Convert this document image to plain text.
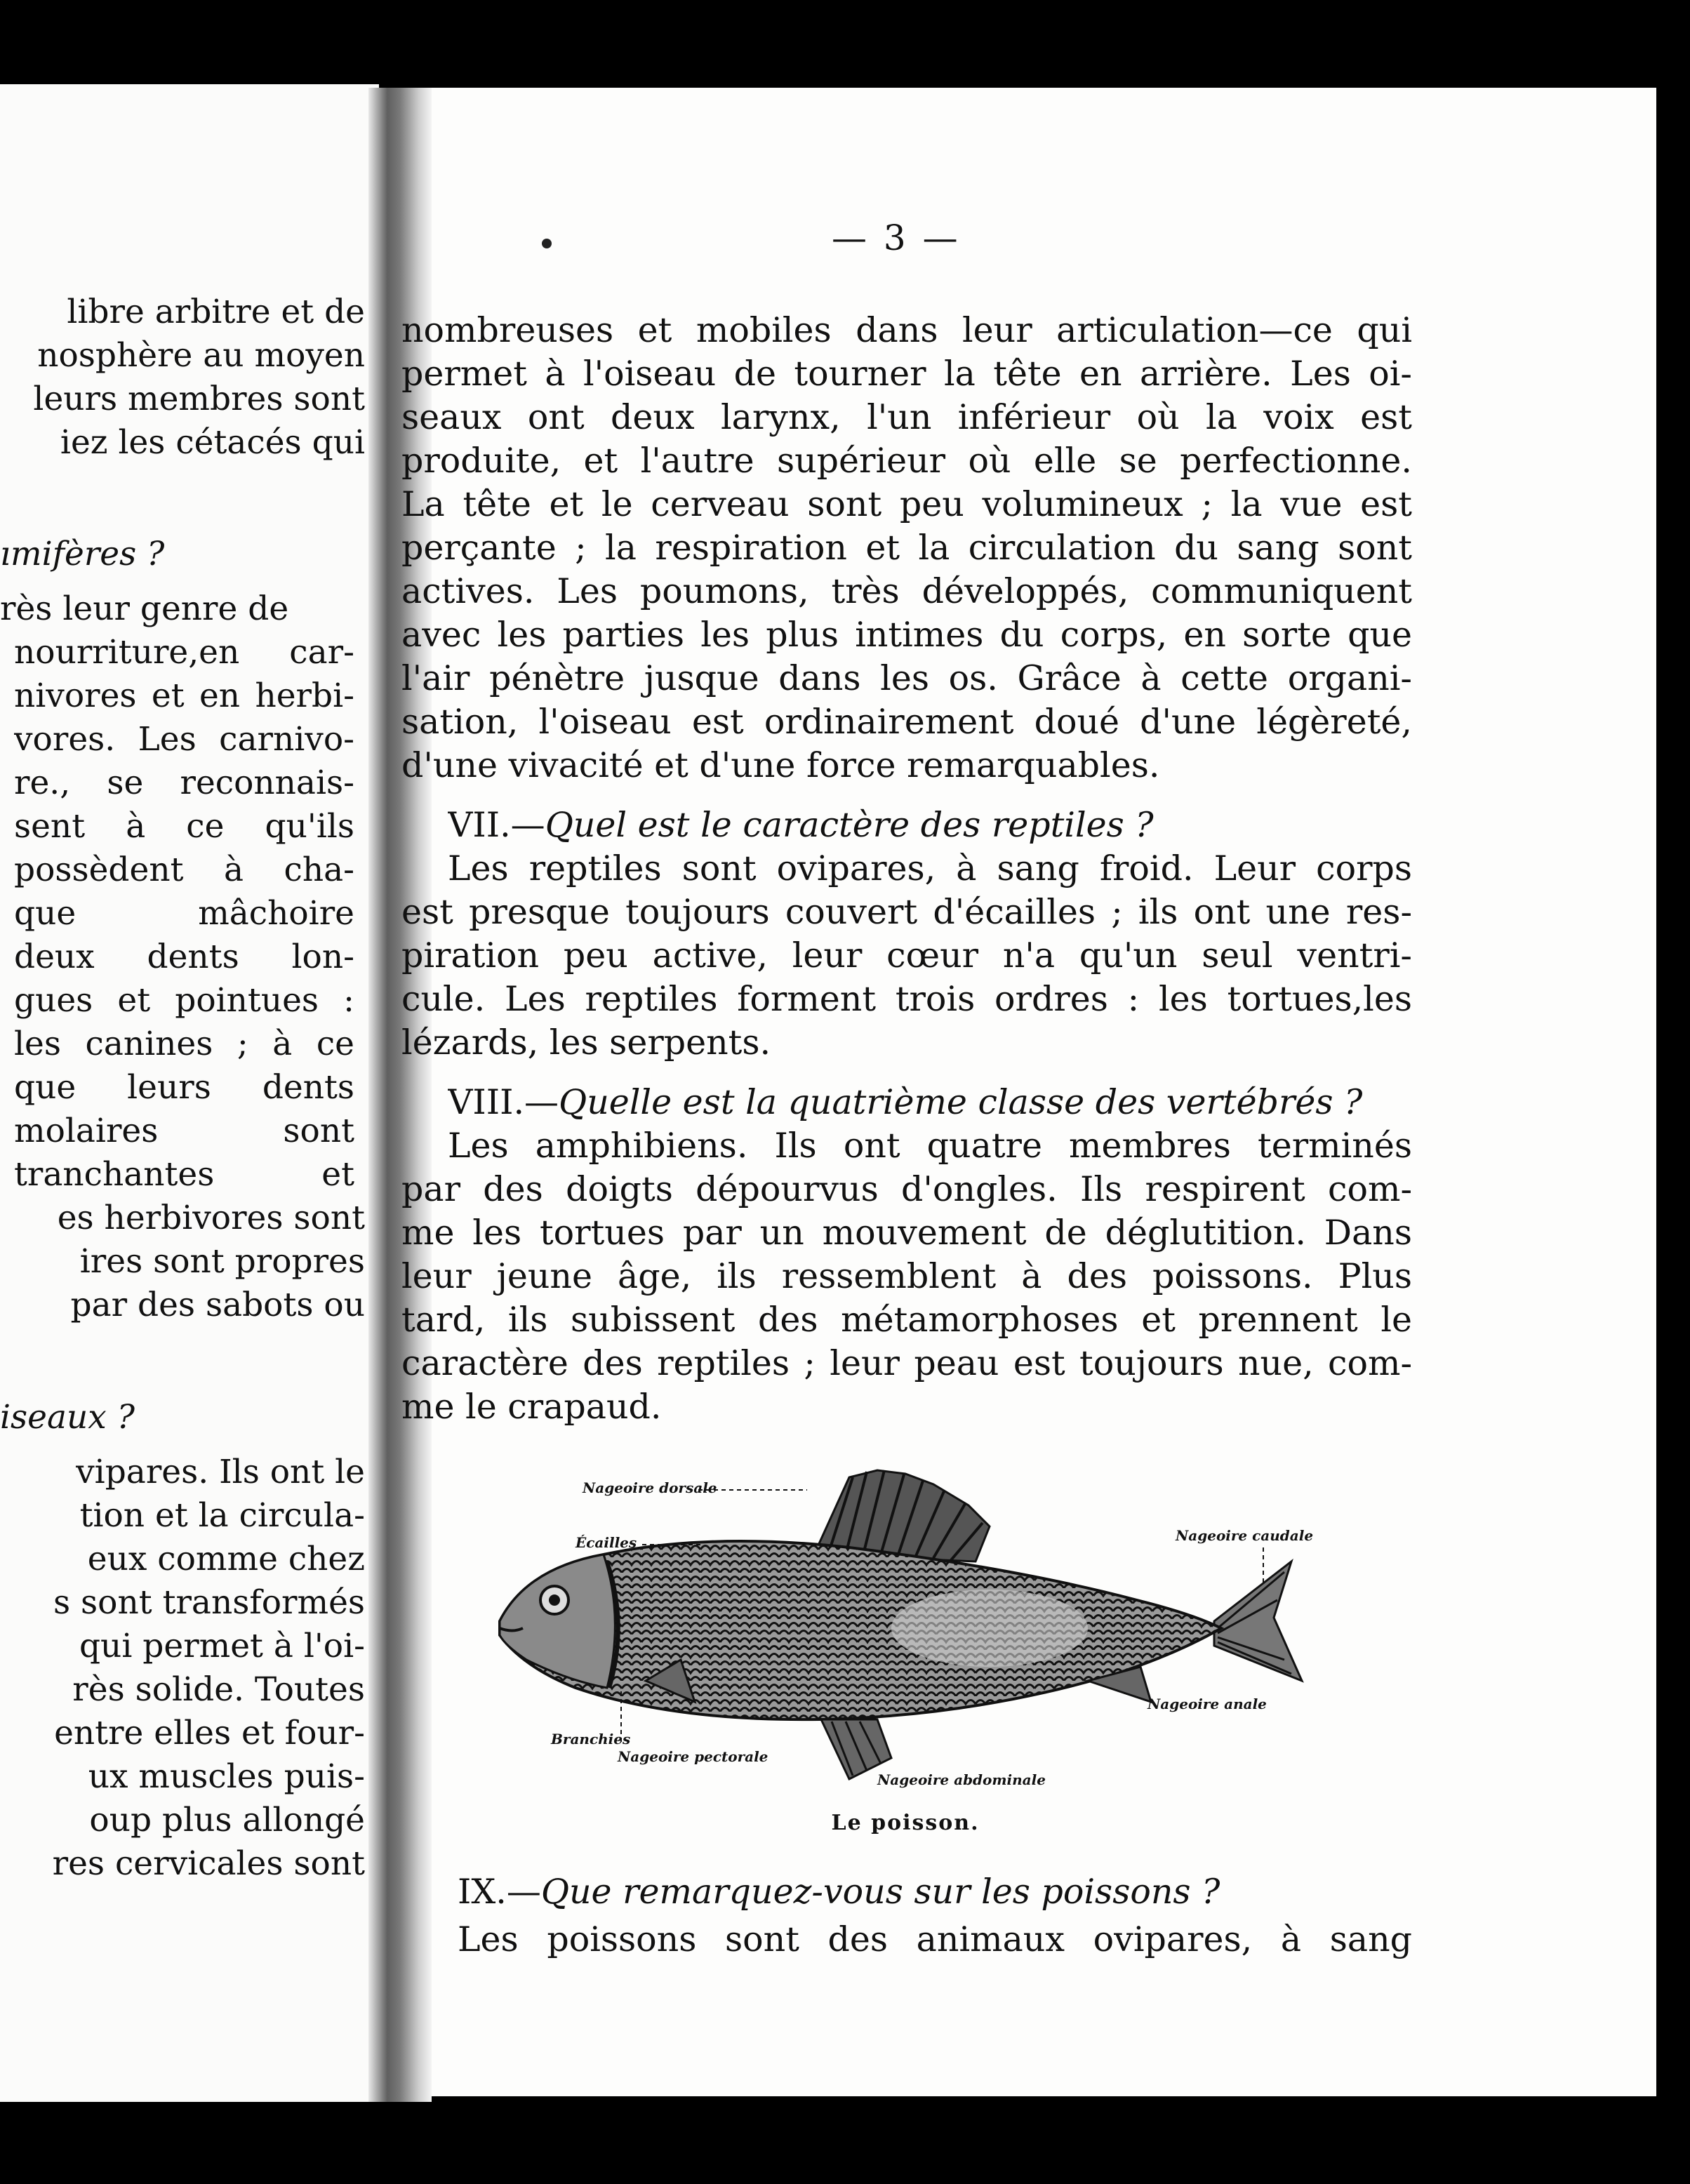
libre arbitre et de
nosphère au moyen
leurs membres sont
iez les cétacés qui
ımifères ?
rès leur genre de
nourriture,en car-
nivores et en herbi-
vores. Les carnivo-
re., se reconnais-
sent à ce qu'ils
possèdent à cha-
que mâchoire
deux dents lon-
gues et pointues :
les canines ; à ce
que leurs dents
molaires sont
tranchantes et
es herbivores sont
ires sont propres
par des sabots ou
iseaux ?
vipares. Ils ont le
tion et la circula-
eux comme chez
s sont transformés
qui permet à l'oi-
rès solide. Toutes
entre elles et four-
ux muscles puis-
oup plus allongé
res cervicales sont
— 3 —
nombreuses et mobiles dans leur articulation—ce qui
permet à l'oiseau de tourner la tête en arrière. Les oi-
seaux ont deux larynx, l'un inférieur où la voix est
produite, et l'autre supérieur où elle se perfectionne.
La tête et le cerveau sont peu volumineux ; la vue est
perçante ; la respiration et la circulation du sang sont
actives. Les poumons, très développés, communiquent
avec les parties les plus intimes du corps, en sorte que
l'air pénètre jusque dans les os. Grâce à cette organi-
sation, l'oiseau est ordinairement doué d'une légèreté,
d'une vivacité et d'une force remarquables.
VII.—Quel est le caractère des reptiles ?
Les reptiles sont ovipares, à sang froid. Leur corps
est presque toujours couvert d'écailles ; ils ont une res-
piration peu active, leur cœur n'a qu'un seul ventri-
cule. Les reptiles forment trois ordres : les tortues,les
lézards, les serpents.
VIII.—Quelle est la quatrième classe des vertébrés ?
Les amphibiens. Ils ont quatre membres terminés
par des doigts dépourvus d'ongles. Ils respirent com-
me les tortues par un mouvement de déglutition. Dans
leur jeune âge, ils ressemblent à des poissons. Plus
tard, ils subissent des métamorphoses et prennent le
caractère des reptiles ; leur peau est toujours nue, com-
me le crapaud.
Nageoire dorsale
Écailles	Nageoire caudale
Nageoire anale
Branchies
Nageoire pectorale
Nageoire abdominale
Le poisson.
IX.—Que remarquez-vous sur les poissons ?
Les poissons sont des animaux ovipares, à sang
